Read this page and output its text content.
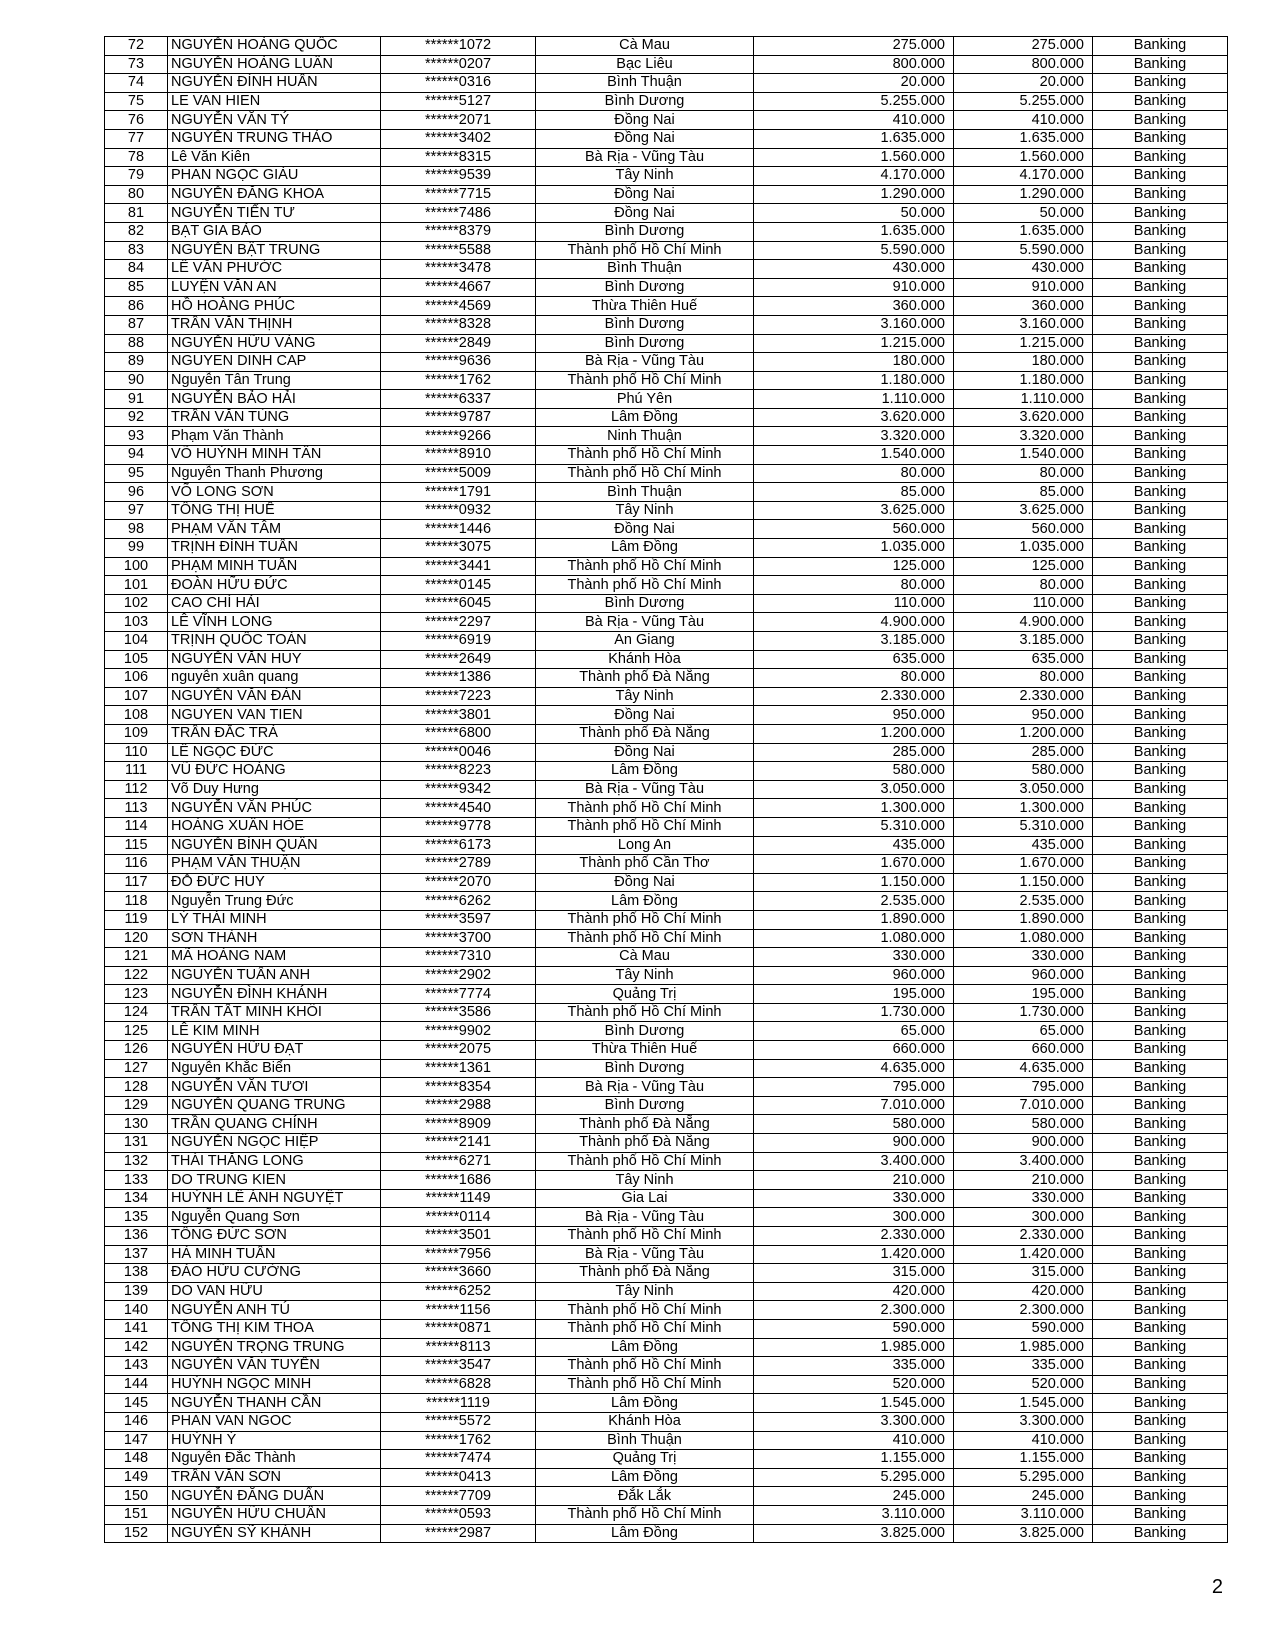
72	NGUYỄN HOÀNG QUỐC	******1072	Cà Mau	275.000	275.000	Banking
73	NGUYỄN HOÀNG LUÂN	******0207	Bạc Liêu	800.000	800.000	Banking
74	NGUYỄN ĐÌNH HUẤN	******0316	Bình Thuận	20.000	20.000	Banking
75	LE VAN HIEN	******5127	Bình Dương	5.255.000	5.255.000	Banking
76	NGUYỄN VĂN TÝ	******2071	Đồng Nai	410.000	410.000	Banking
77	NGUYỄN TRUNG THẢO	******3402	Đồng Nai	1.635.000	1.635.000	Banking
78	Lê Văn Kiên	******8315	Bà Rịa - Vũng Tàu	1.560.000	1.560.000	Banking
79	PHAN NGỌC GIÀU	******9539	Tây Ninh	4.170.000	4.170.000	Banking
80	NGUYỄN ĐĂNG KHOA	******7715	Đồng Nai	1.290.000	1.290.000	Banking
81	NGUYỄN TIẾN TƯ	******7486	Đồng Nai	50.000	50.000	Banking
82	BẠT GIA BẢO	******8379	Bình Dương	1.635.000	1.635.000	Banking
83	NGUYỄN BẬT TRUNG	******5588	Thành phố Hồ Chí Minh	5.590.000	5.590.000	Banking
84	LÊ VĂN PHƯỚC	******3478	Bình Thuận	430.000	430.000	Banking
85	LUYỆN VĂN AN	******4667	Bình Dương	910.000	910.000	Banking
86	HỒ HOÀNG PHÚC	******4569	Thừa Thiên Huế	360.000	360.000	Banking
87	TRẦN VĂN THỊNH	******8328	Bình Dương	3.160.000	3.160.000	Banking
88	NGUYỄN HỮU VÀNG	******2849	Bình Dương	1.215.000	1.215.000	Banking
89	NGUYEN DINH CAP	******9636	Bà Rịa - Vũng Tàu	180.000	180.000	Banking
90	Nguyễn Tân Trung	******1762	Thành phố Hồ Chí Minh	1.180.000	1.180.000	Banking
91	NGUYỄN BẢO HẢI	******6337	Phú Yên	1.110.000	1.110.000	Banking
92	TRẦN VĂN TÙNG	******9787	Lâm Đồng	3.620.000	3.620.000	Banking
93	Phạm Văn Thành	******9266	Ninh Thuận	3.320.000	3.320.000	Banking
94	VÕ HUỲNH MINH TÂN	******8910	Thành phố Hồ Chí Minh	1.540.000	1.540.000	Banking
95	Nguyễn Thanh Phương	******5009	Thành phố Hồ Chí Minh	80.000	80.000	Banking
96	VÕ LONG SƠN	******1791	Bình Thuận	85.000	85.000	Banking
97	TỐNG THỊ HUẾ	******0932	Tây Ninh	3.625.000	3.625.000	Banking
98	PHẠM VĂN TÂM	******1446	Đồng Nai	560.000	560.000	Banking
99	TRỊNH ĐÌNH TUẤN	******3075	Lâm Đồng	1.035.000	1.035.000	Banking
100	PHẠM MINH TUẤN	******3441	Thành phố Hồ Chí Minh	125.000	125.000	Banking
101	ĐOÀN HỮU ĐỨC	******0145	Thành phố Hồ Chí Minh	80.000	80.000	Banking
102	CAO CHÍ HẢI	******6045	Bình Dương	110.000	110.000	Banking
103	LÊ VĨNH LONG	******2297	Bà Rịa - Vũng Tàu	4.900.000	4.900.000	Banking
104	TRỊNH QUỐC TOÀN	******6919	An Giang	3.185.000	3.185.000	Banking
105	NGUYỄN VĂN HUY	******2649	Khánh Hòa	635.000	635.000	Banking
106	nguyễn xuân quang	******1386	Thành phố Đà Nẵng	80.000	80.000	Banking
107	NGUYỄN VĂN ĐÀN	******7223	Tây Ninh	2.330.000	2.330.000	Banking
108	NGUYEN VAN TIEN	******3801	Đồng Nai	950.000	950.000	Banking
109	TRẦN ĐẮC TRÀ	******6800	Thành phố Đà Nẵng	1.200.000	1.200.000	Banking
110	LÊ NGỌC ĐỨC	******0046	Đồng Nai	285.000	285.000	Banking
111	VŨ ĐỨC HOÀNG	******8223	Lâm Đồng	580.000	580.000	Banking
112	Võ Duy Hưng	******9342	Bà Rịa - Vũng Tàu	3.050.000	3.050.000	Banking
113	NGUYỄN VĂN PHÚC	******4540	Thành phố Hồ Chí Minh	1.300.000	1.300.000	Banking
114	HOÀNG XUÂN HÒE	******9778	Thành phố Hồ Chí Minh	5.310.000	5.310.000	Banking
115	NGUYỄN BÌNH QUÂN	******6173	Long An	435.000	435.000	Banking
116	PHẠM VĂN THUẬN	******2789	Thành phố Cần Thơ	1.670.000	1.670.000	Banking
117	ĐỖ ĐỨC HUY	******2070	Đồng Nai	1.150.000	1.150.000	Banking
118	Nguyễn Trung Đức	******6262	Lâm Đồng	2.535.000	2.535.000	Banking
119	LÝ THÁI MINH	******3597	Thành phố Hồ Chí Minh	1.890.000	1.890.000	Banking
120	SƠN THÀNH	******3700	Thành phố Hồ Chí Minh	1.080.000	1.080.000	Banking
121	MÃ HOÀNG NAM	******7310	Cà Mau	330.000	330.000	Banking
122	NGUYỄN TUẤN ANH	******2902	Tây Ninh	960.000	960.000	Banking
123	NGUYỄN ĐÌNH KHÁNH	******7774	Quảng Trị	195.000	195.000	Banking
124	TRẦN TẤT MINH KHÔI	******3586	Thành phố Hồ Chí Minh	1.730.000	1.730.000	Banking
125	LÊ KIM MINH	******9902	Bình Dương	65.000	65.000	Banking
126	NGUYỄN HỮU ĐẠT	******2075	Thừa Thiên Huế	660.000	660.000	Banking
127	Nguyễn Khắc Biển	******1361	Bình Dương	4.635.000	4.635.000	Banking
128	NGUYỄN VĂN TƯƠI	******8354	Bà Rịa - Vũng Tàu	795.000	795.000	Banking
129	NGUYỄN QUANG TRUNG	******2988	Bình Dương	7.010.000	7.010.000	Banking
130	TRẦN QUANG CHÍNH	******8909	Thành phố Đà Nẵng	580.000	580.000	Banking
131	NGUYỄN NGỌC HIỆP	******2141	Thành phố Đà Nẵng	900.000	900.000	Banking
132	THÁI THĂNG LONG	******6271	Thành phố Hồ Chí Minh	3.400.000	3.400.000	Banking
133	DO TRUNG KIEN	******1686	Tây Ninh	210.000	210.000	Banking
134	HUỲNH LÊ ÁNH NGUYỆT	******1149	Gia Lai	330.000	330.000	Banking
135	Nguyễn Quang Sơn	******0114	Bà Rịa - Vũng Tàu	300.000	300.000	Banking
136	TỐNG ĐỨC SƠN	******3501	Thành phố Hồ Chí Minh	2.330.000	2.330.000	Banking
137	HÀ MINH TUẤN	******7956	Bà Rịa - Vũng Tàu	1.420.000	1.420.000	Banking
138	ĐÀO HỮU CƯỜNG	******3660	Thành phố Đà Nẵng	315.000	315.000	Banking
139	DO VAN HỮU	******6252	Tây Ninh	420.000	420.000	Banking
140	NGUYỄN ANH TÚ	******1156	Thành phố Hồ Chí Minh	2.300.000	2.300.000	Banking
141	TỐNG THỊ KIM THOA	******0871	Thành phố Hồ Chí Minh	590.000	590.000	Banking
142	NGUYỄN TRỌNG TRUNG	******8113	Lâm Đồng	1.985.000	1.985.000	Banking
143	NGUYỄN VĂN TUYẾN	******3547	Thành phố Hồ Chí Minh	335.000	335.000	Banking
144	HUỲNH NGỌC MINH	******6828	Thành phố Hồ Chí Minh	520.000	520.000	Banking
145	NGUYỄN THANH CẦN	******1119	Lâm Đồng	1.545.000	1.545.000	Banking
146	PHAN VAN NGOC	******5572	Khánh Hòa	3.300.000	3.300.000	Banking
147	HUỲNH Ý	******1762	Bình Thuận	410.000	410.000	Banking
148	Nguyễn Đắc Thành	******7474	Quảng Trị	1.155.000	1.155.000	Banking
149	TRẦN VĂN SƠN	******0413	Lâm Đồng	5.295.000	5.295.000	Banking
150	NGUYỄN ĐĂNG DUẨN	******7709	Đắk Lắk	245.000	245.000	Banking
151	NGUYỄN HỮU CHUẨN	******0593	Thành phố Hồ Chí Minh	3.110.000	3.110.000	Banking
152	NGUYỄN SỸ KHÁNH	******2987	Lâm Đồng	3.825.000	3.825.000	Banking
2
